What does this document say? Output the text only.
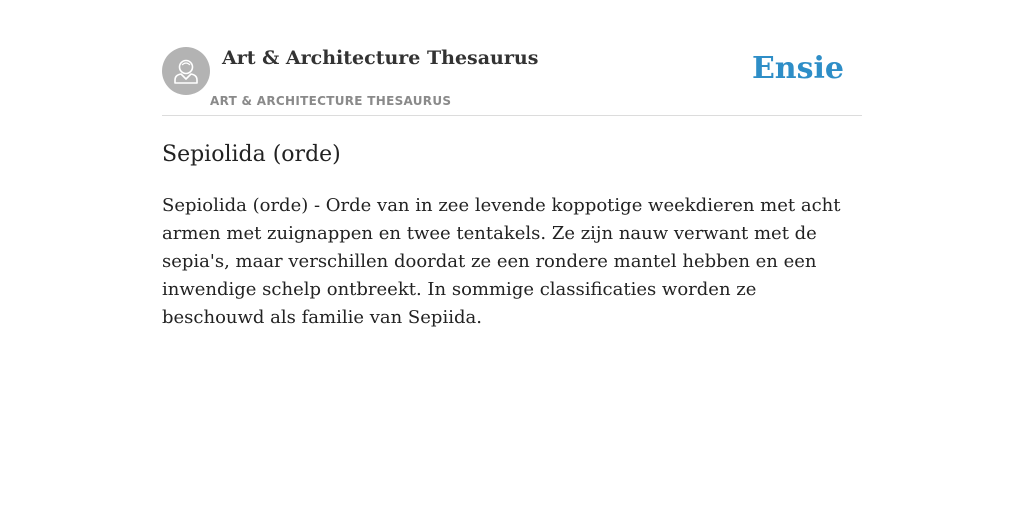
Art & Architecture Thesaurus
ART & ARCHITECTURE THESAURUS
Ensie
Sepiolida (orde)

Sepiolida (orde) - Orde van in zee levende koppotige weekdieren met acht armen met zuignappen en twee tentakels. Ze zijn nauw verwant met de sepia's, maar verschillen doordat ze een rondere mantel hebben en een inwendige schelp ontbreekt. In sommige classificaties worden ze beschouwd als familie van Sepiida.
